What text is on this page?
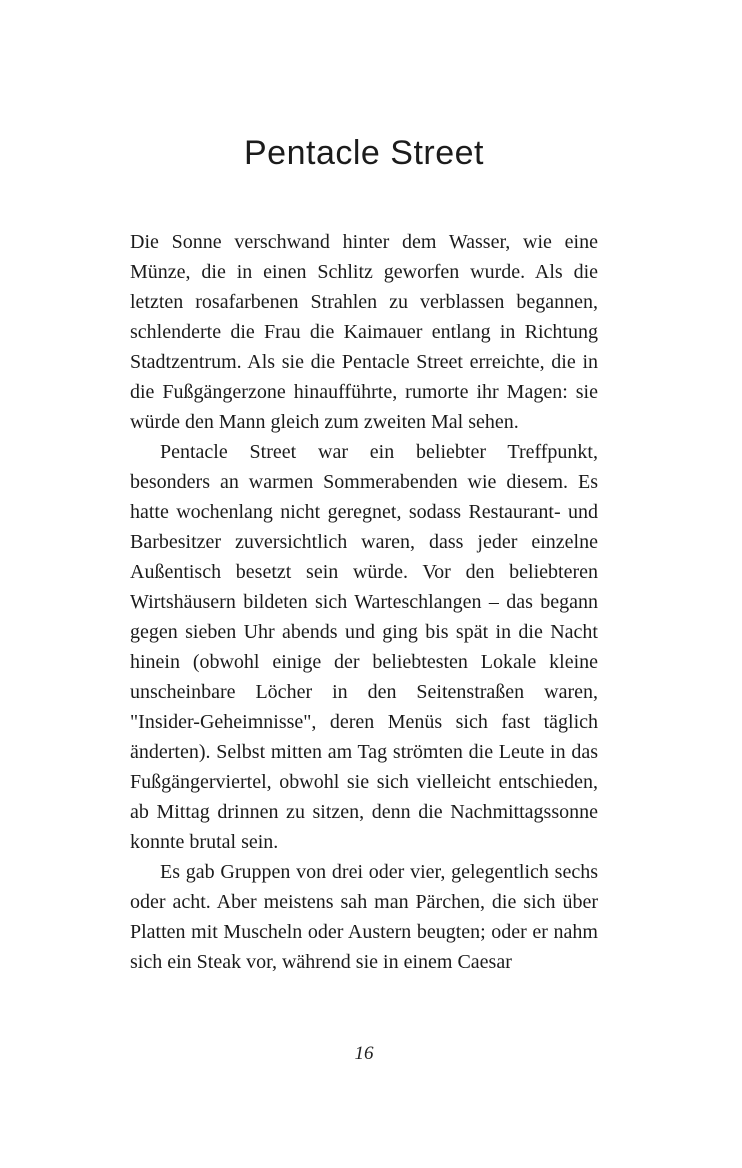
Pentacle Street

Die Sonne verschwand hinter dem Wasser, wie eine Münze, die in einen Schlitz geworfen wurde. Als die letzten rosafarbenen Strahlen zu verblassen begannen, schlenderte die Frau die Kaimauer entlang in Richtung Stadtzentrum. Als sie die Pentacle Street erreichte, die in die Fußgängerzone hinaufführte, rumorte ihr Magen: sie würde den Mann gleich zum zweiten Mal sehen.

Pentacle Street war ein beliebter Treffpunkt, besonders an warmen Sommerabenden wie diesem. Es hatte wochenlang nicht geregnet, sodass Restaurant- und Barbesitzer zuversichtlich waren, dass jeder einzelne Außentisch besetzt sein würde. Vor den beliebteren Wirtshäusern bildeten sich Warteschlangen – das begann gegen sieben Uhr abends und ging bis spät in die Nacht hinein (obwohl einige der beliebtesten Lokale kleine unscheinbare Löcher in den Seitenstraßen waren, "Insider-Geheimnisse", deren Menüs sich fast täglich änderten). Selbst mitten am Tag strömten die Leute in das Fußgängerviertel, obwohl sie sich vielleicht entschieden, ab Mittag drinnen zu sitzen, denn die Nachmittagssonne konnte brutal sein.

Es gab Gruppen von drei oder vier, gelegentlich sechs oder acht. Aber meistens sah man Pärchen, die sich über Platten mit Muscheln oder Austern beugten; oder er nahm sich ein Steak vor, während sie in einem Caesar

16
